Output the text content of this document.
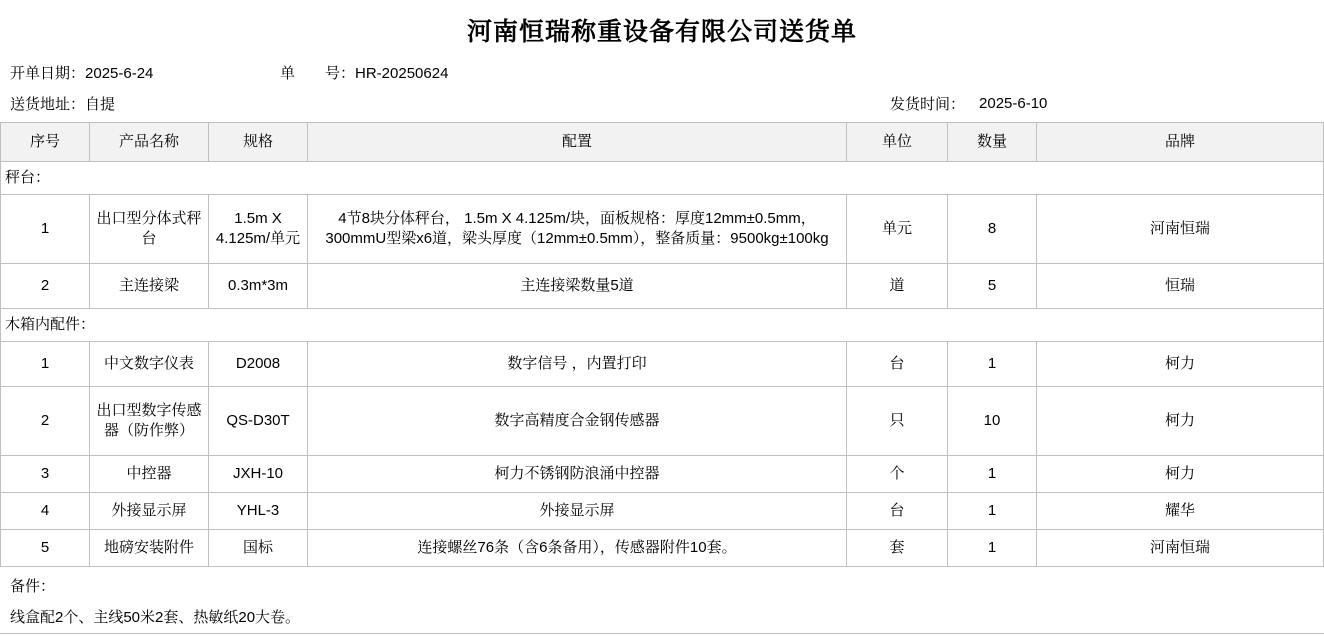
河南恒瑞称重设备有限公司送货单
开单日期：2025-6-24	单　　号：HR-20250624
送货地址：自提	发货时间： 2025-6-10
序号	产品名称	规格	配置	单位	数量	品牌
秤台：						
1	出口型分体式秤台	1.5m X 4.125m/单元	4节8块分体秤台， 1.5m X 4.125m/块，面板规格：厚度12mm±0.5mm，300mmU型梁x6道，梁头厚度（12mm±0.5mm），整备质量：9500kg±100kg	单元	8	河南恒瑞
2	主连接梁	0.3m*3m	主连接梁数量5道	道	5	恒瑞
木箱内配件：						
1	中文数字仪表	D2008	数字信号 ，内置打印	台	1	柯力
2	出口型数字传感器（防作弊）	QS-D30T	数字高精度合金钢传感器	只	10	柯力
3	中控器	JXH-10	柯力不锈钢防浪涌中控器	个	1	柯力
4	外接显示屏	YHL-3	外接显示屏	台	1	耀华
5	地磅安装附件	国标	连接螺丝76条（含6条备用），传感器附件10套。	套	1	河南恒瑞
备件：
线盒配2个、主线50米2套、热敏纸20大卷。
